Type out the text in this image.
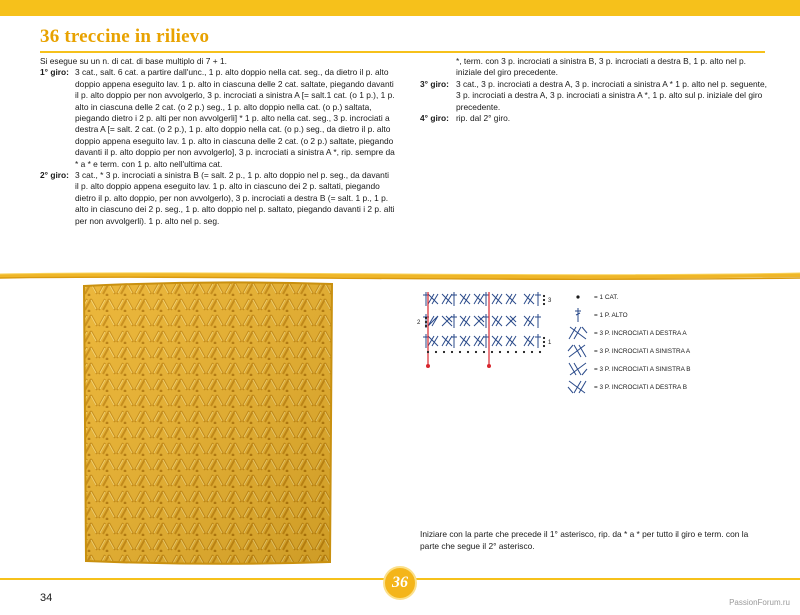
36 treccine in rilievo
Si esegue su un n. di cat. di base multiplo di 7 + 1.
1° giro: 3 cat., salt. 6 cat. a partire dall'unc., 1 p. alto doppio nella cat. seg., da dietro il p. alto doppio appena eseguito lav. 1 p. alto in ciascuna delle 2 cat. saltate, piegando davanti il p. alto doppio per non avvolgerlo, 3 p. incrociati a sinistra A [= salt.1 cat. (o 1 p.), 1 p. alto in ciascuna delle 2 cat. (o 2 p.) seg., 1 p. alto doppio nella cat. (o p.) saltata, piegando dietro i 2 p. alti per non avvolgerli] * 1 p. alto nella cat. seg., 3 p. incrociati a destra A [= salt. 2 cat. (o 2 p.), 1 p. alto doppio nella cat. (o p.) seg., da dietro il p. alto doppio appena eseguito lav. 1 p. alto in ciascuna delle 2 cat. (o 2 p.) saltate, piegando davanti il p. alto doppio per non avvolgerlo], 3 p. incrociati a sinistra A *, rip. sempre da * a * e term. con 1 p. alto nell'ultima cat.
2° giro: 3 cat., * 3 p. incrociati a sinistra B (= salt. 2 p., 1 p. alto doppio nel p. seg., da davanti il p. alto doppio appena eseguito lav. 1 p. alto in ciascuno dei 2 p. saltati, piegando dietro il p. alto doppio, per non avvolgerlo), 3 p. incrociati a destra B (= salt. 1 p., 1 p. alto in ciascuno dei 2 p. seg., 1 p. alto doppio nel p. saltato, piegando davanti i 2 p. alti per non avvolgerli). 1 p. alto nel p. seg.
*, term. con 3 p. incrociati a sinistra B, 3 p. incrociati a destra B, 1 p. alto nel p. iniziale del giro precedente.
3° giro: 3 cat., 3 p. incrociati a destra A, 3 p. incrociati a sinistra A * 1 p. alto nel p. seguente, 3 p. incrociati a destra A, 3 p. incrociati a sinistra A *, 1 p. alto sul p. iniziale del giro precedente.
4° giro: rip. dal 2° giro.
3
2
1
= 1 CAT.
= 1 P. ALTO
= 3 P. INCROCIATI A DESTRA A
= 3 P. INCROCIATI A SINISTRA A
= 3 P. INCROCIATI A SINISTRA B
= 3 P. INCROCIATI A DESTRA B
Iniziare con la parte che precede il 1° asterisco, rip. da * a * per tutto il giro e term. con la parte che segue il 2° asterisco.
36
34	PassionForum.ru
